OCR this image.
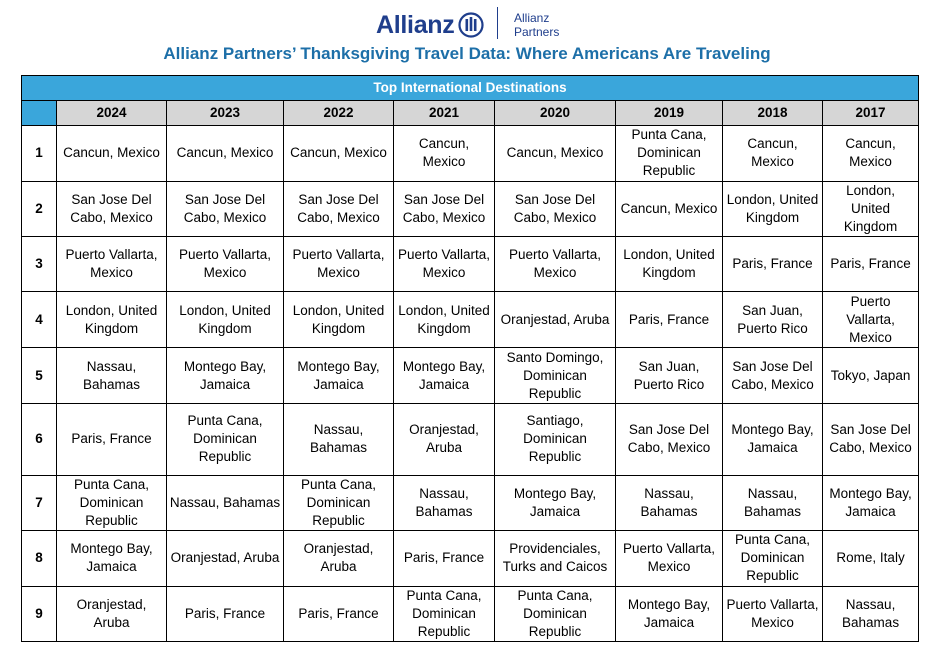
Allianz	Allianz
Partners
Allianz Partners’ Thanksgiving Travel Data: Where Americans Are Traveling
Top International Destinations								
	2024	2023	2022	2021	2020	2019	2018	2017
1	Cancun, Mexico	Cancun, Mexico	Cancun, Mexico	Cancun, Mexico	Cancun, Mexico	Punta Cana, Dominican Republic	Cancun, Mexico	Cancun, Mexico
2	San Jose Del Cabo, Mexico	San Jose Del Cabo, Mexico	San Jose Del Cabo, Mexico	San Jose Del Cabo, Mexico	San Jose Del Cabo, Mexico	Cancun, Mexico	London, United Kingdom	London, United Kingdom
3	Puerto Vallarta, Mexico	Puerto Vallarta, Mexico	Puerto Vallarta, Mexico	Puerto Vallarta, Mexico	Puerto Vallarta, Mexico	London, United Kingdom	Paris, France	Paris, France
4	London, United Kingdom	London, United Kingdom	London, United Kingdom	London, United Kingdom	Oranjestad, Aruba	Paris, France	San Juan, Puerto Rico	Puerto Vallarta, Mexico
5	Nassau, Bahamas	Montego Bay, Jamaica	Montego Bay, Jamaica	Montego Bay, Jamaica	Santo Domingo, Dominican Republic	San Juan, Puerto Rico	San Jose Del Cabo, Mexico	Tokyo, Japan
6	Paris, France	Punta Cana, Dominican Republic	Nassau, Bahamas	Oranjestad, Aruba	Santiago, Dominican Republic	San Jose Del Cabo, Mexico	Montego Bay, Jamaica	San Jose Del Cabo, Mexico
7	Punta Cana, Dominican Republic	Nassau, Bahamas	Punta Cana, Dominican Republic	Nassau, Bahamas	Montego Bay, Jamaica	Nassau, Bahamas	Nassau, Bahamas	Montego Bay, Jamaica
8	Montego Bay, Jamaica	Oranjestad, Aruba	Oranjestad, Aruba	Paris, France	Providenciales, Turks and Caicos	Puerto Vallarta, Mexico	Punta Cana, Dominican Republic	Rome, Italy
9	Oranjestad, Aruba	Paris, France	Paris, France	Punta Cana, Dominican Republic	Punta Cana, Dominican Republic	Montego Bay, Jamaica	Puerto Vallarta, Mexico	Nassau, Bahamas
